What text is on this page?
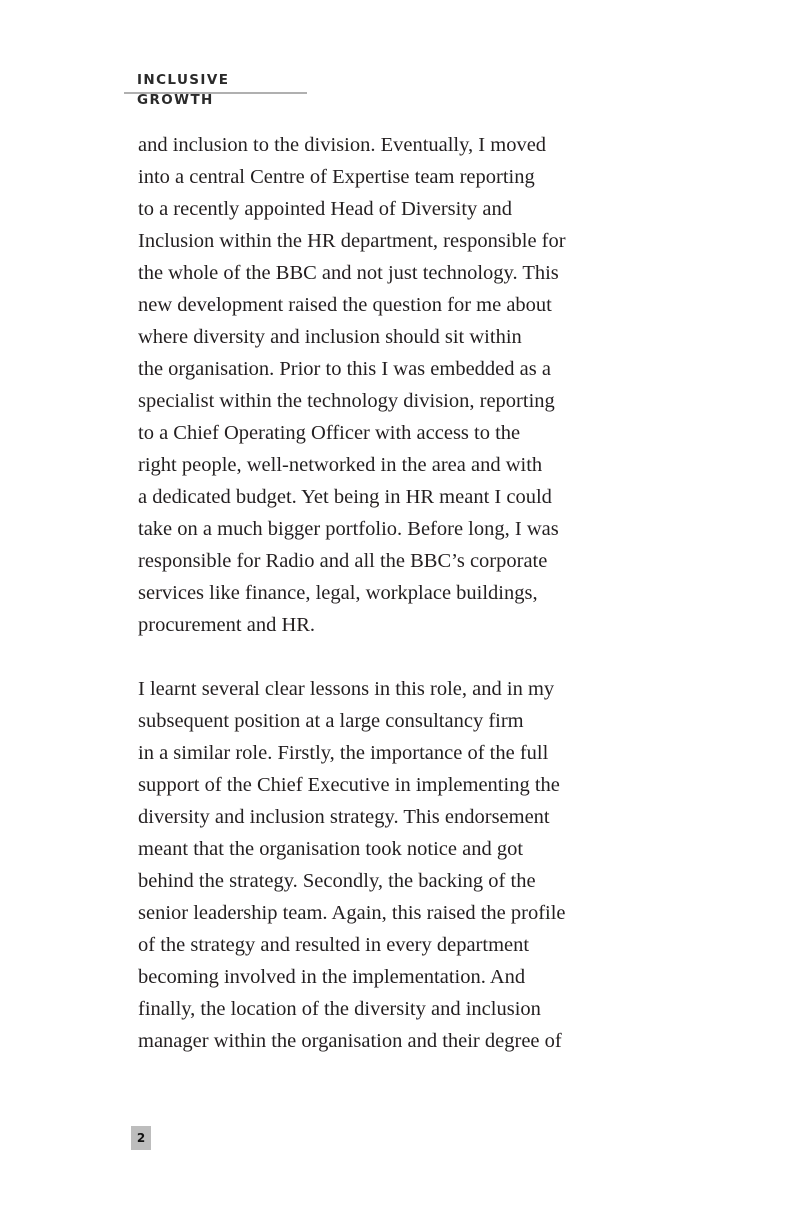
INCLUSIVE GROWTH

and inclusion to the division. Eventually, I moved
into a central Centre of Expertise team reporting
to a recently appointed Head of Diversity and
Inclusion within the HR department, responsible for
the whole of the BBC and not just technology. This
new development raised the question for me about
where diversity and inclusion should sit within
the organisation. Prior to this I was embedded as a
specialist within the technology division, reporting
to a Chief Operating Officer with access to the
right people, well-networked in the area and with
a dedicated budget. Yet being in HR meant I could
take on a much bigger portfolio. Before long, I was
responsible for Radio and all the BBC’s corporate
services like finance, legal, workplace buildings,
procurement and HR.

I learnt several clear lessons in this role, and in my
subsequent position at a large consultancy firm
in a similar role. Firstly, the importance of the full
support of the Chief Executive in implementing the
diversity and inclusion strategy. This endorsement
meant that the organisation took notice and got
behind the strategy. Secondly, the backing of the
senior leadership team. Again, this raised the profile
of the strategy and resulted in every department
becoming involved in the implementation. And
finally, the location of the diversity and inclusion
manager within the organisation and their degree of

2
